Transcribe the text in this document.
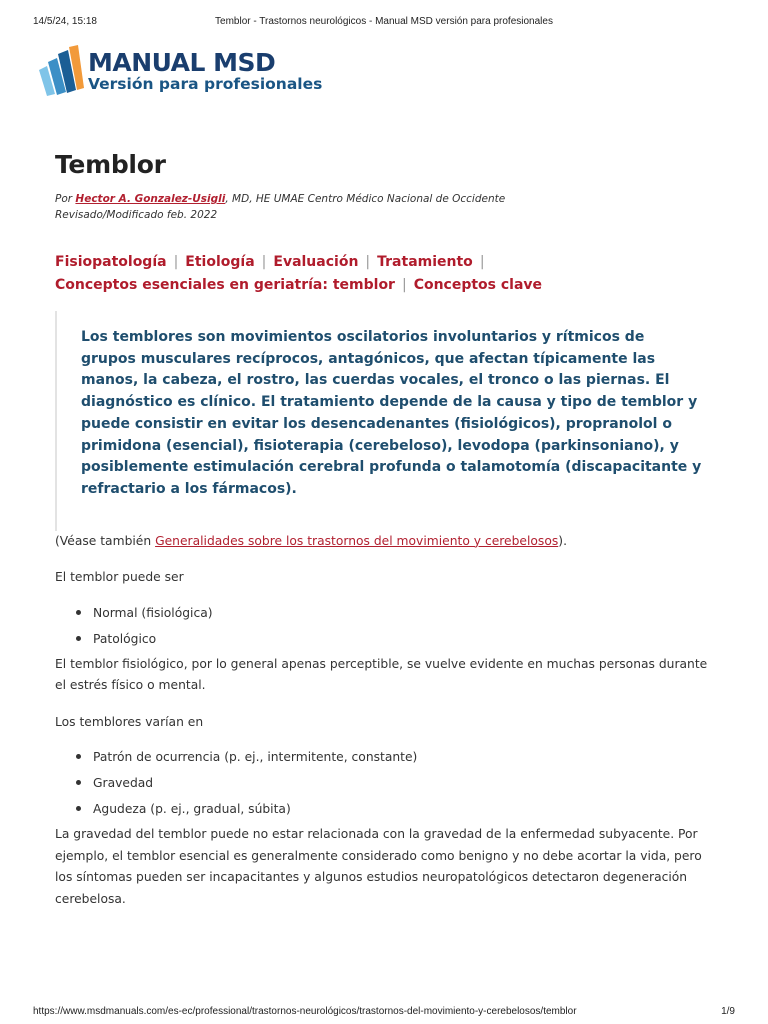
14/5/24, 15:18	Temblor - Trastornos neurológicos - Manual MSD versión para profesionales
MANUAL MSD
Versión para profesionales
Temblor
Por Hector A. Gonzalez-Usigli, MD, HE UMAE Centro Médico Nacional de Occidente
Revisado/Modificado feb. 2022
Fisiopatología | Etiología | Evaluación | Tratamiento |
Conceptos esenciales en geriatría: temblor | Conceptos clave
Los temblores son movimientos oscilatorios involuntarios y rítmicos de grupos musculares recíprocos, antagónicos, que afectan típicamente las manos, la cabeza, el rostro, las cuerdas vocales, el tronco o las piernas. El diagnóstico es clínico. El tratamiento depende de la causa y tipo de temblor y puede consistir en evitar los desencadenantes (fisiológicos), propranolol o primidona (esencial), fisioterapia (cerebeloso), levodopa (parkinsoniano), y posiblemente estimulación cerebral profunda o talamotomía (discapacitante y refractario a los fármacos).

(Véase también Generalidades sobre los trastornos del movimiento y cerebelosos).

El temblor puede ser

Normal (fisiológica)
Patológico

El temblor fisiológico, por lo general apenas perceptible, se vuelve evidente en muchas personas durante el estrés físico o mental.

Los temblores varían en

Patrón de ocurrencia (p. ej., intermitente, constante)
Gravedad
Agudeza (p. ej., gradual, súbita)

La gravedad del temblor puede no estar relacionada con la gravedad de la enfermedad subyacente. Por ejemplo, el temblor esencial es generalmente considerado como benigno y no debe acortar la vida, pero los síntomas pueden ser incapacitantes y algunos estudios neuropatológicos detectaron degeneración cerebelosa.

https://www.msdmanuals.com/es-ec/professional/trastornos-neurológicos/trastornos-del-movimiento-y-cerebelosos/temblor	1/9
